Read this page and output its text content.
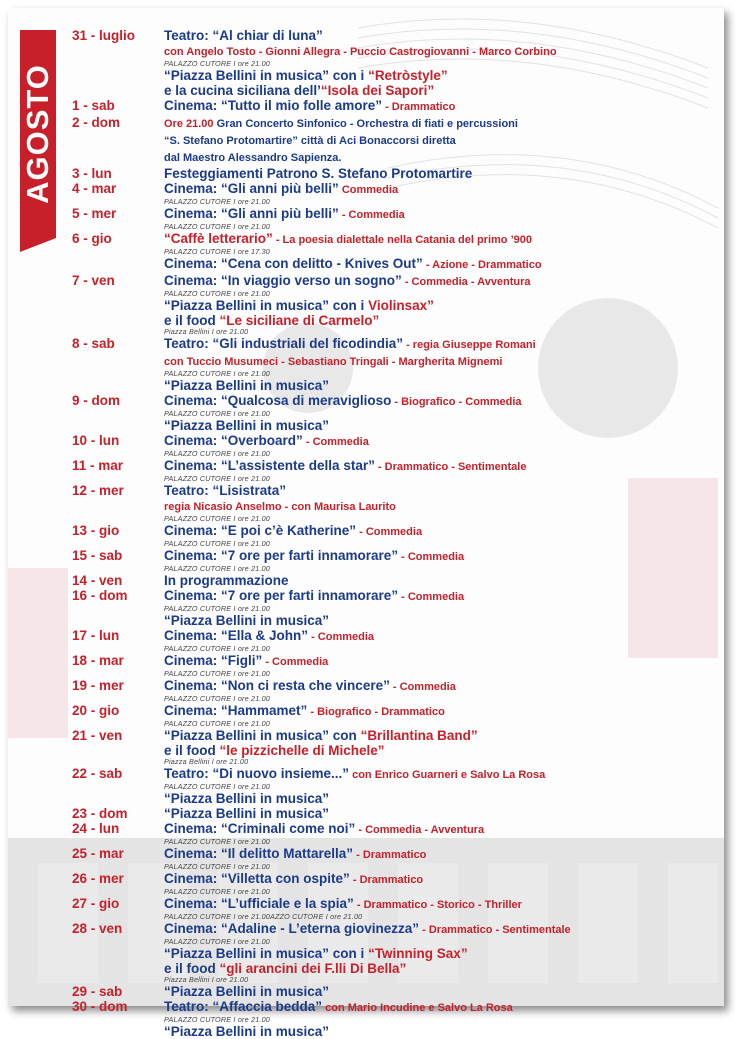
AGOSTO
31 - luglio	Teatro: “Al chiar di luna”
con Angelo Tosto - Gionni Allegra - Puccio Castrogiovanni - Marco Corbino
PALAZZO CUTORE I ore 21.00
“Piazza Bellini in musica” con i “Retròstyle”
e la cucina siciliana dell’“Isola dei Sapori”
1 - sab	Cinema: “Tutto il mio folle amore” - Drammatico
2 - dom	Ore 21.00 Gran Concerto Sinfonico - Orchestra di fiati e percussioni
“S. Stefano Protomartire” città di Aci Bonaccorsi diretta
dal Maestro Alessandro Sapienza.
3 - lun	Festeggiamenti Patrono S. Stefano Protomartire
4 - mar	Cinema: “Gli anni più belli” Commedia
PALAZZO CUTORE I ore 21.00
5 - mer	Cinema: “Gli anni più belli” - Commedia
PALAZZO CUTORE I ore 21.00
6 - gio	“Caffè letterario” - La poesia dialettale nella Catania del primo ’900
PALAZZO CUTORE I ore 17.30
Cinema: “Cena con delitto - Knives Out” - Azione - Drammatico
7 - ven	Cinema: “In viaggio verso un sogno” - Commedia - Avventura
PALAZZO CUTORE I ore 21.00
“Piazza Bellini in musica” con i Violinsax”
e il food “Le siciliane di Carmelo”
Piazza Bellini I ore 21.00
8 - sab	Teatro: “Gli industriali del ficodindia” - regia Giuseppe Romani
con Tuccio Musumeci - Sebastiano Tringali - Margherita Mignemi
PALAZZO CUTORE I ore 21.00
“Piazza Bellini in musica”
9 - dom	Cinema: “Qualcosa di meraviglioso - Biografico - Commedia
PALAZZO CUTORE I ore 21.00
“Piazza Bellini in musica”
10 - lun	Cinema: “Overboard” - Commedia
PALAZZO CUTORE I ore 21.00
11 - mar	Cinema: “L’assistente della star” - Drammatico - Sentimentale
PALAZZO CUTORE I ore 21.00
12 - mer	Teatro: “Lisistrata”
regia Nicasio Anselmo - con Maurisa Laurito
PALAZZO CUTORE I ore 21.00
13 - gio	Cinema: “E poi c’è Katherine” - Commedia
PALAZZO CUTORE I ore 21.00
15 - sab	Cinema: “7 ore per farti innamorare” - Commedia
PALAZZO CUTORE I ore 21.00
14 - ven	In programmazione
16 - dom	Cinema: “7 ore per farti innamorare” - Commedia
PALAZZO CUTORE I ore 21.00
“Piazza Bellini in musica”
17 - lun	Cinema: “Ella & John” - Commedia
PALAZZO CUTORE I ore 21.00
18 - mar	Cinema: “Figli” - Commedia
PALAZZO CUTORE I ore 21.00
19 - mer	Cinema: “Non ci resta che vincere” - Commedia
PALAZZO CUTORE I ore 21.00
20 - gio	Cinema: “Hammamet” - Biografico - Drammatico
PALAZZO CUTORE I ore 21.00
21 - ven	“Piazza Bellini in musica” con “Brillantina Band”
e il food “le pizzichelle di Michele”
Piazza Bellini I ore 21.00
22 - sab	Teatro: “Di nuovo insieme...” con Enrico Guarneri e Salvo La Rosa
PALAZZO CUTORE I ore 21.00
“Piazza Bellini in musica”
23 - dom	“Piazza Bellini in musica”
24 - lun	Cinema: “Criminali come noi” - Commedia - Avventura
PALAZZO CUTORE I ore 21.00
25 - mar	Cinema: “Il delitto Mattarella” - Drammatico
PALAZZO CUTORE I ore 21.00
26 - mer	Cinema: “Villetta con ospite” - Drammatico
PALAZZO CUTORE I ore 21.00
27 - gio	Cinema: “L’ufficiale e la spia” - Drammatico - Storico - Thriller
PALAZZO CUTORE I ore 21.00AZZO CUTORE I ore 21.00
28 - ven	Cinema: “Adaline - L’eterna giovinezza” - Drammatico - Sentimentale
PALAZZO CUTORE I ore 21.00
“Piazza Bellini in musica” con i “Twinning Sax”
e il food “gli arancini dei F.lli Di Bella”
Piazza Bellini I ore 21.00
29 - sab	“Piazza Bellini in musica”
30 - dom	Teatro: “Affaccia bedda” con Mario Incudine e Salvo La Rosa
PALAZZO CUTORE I ore 21.00
“Piazza Bellini in musica”
